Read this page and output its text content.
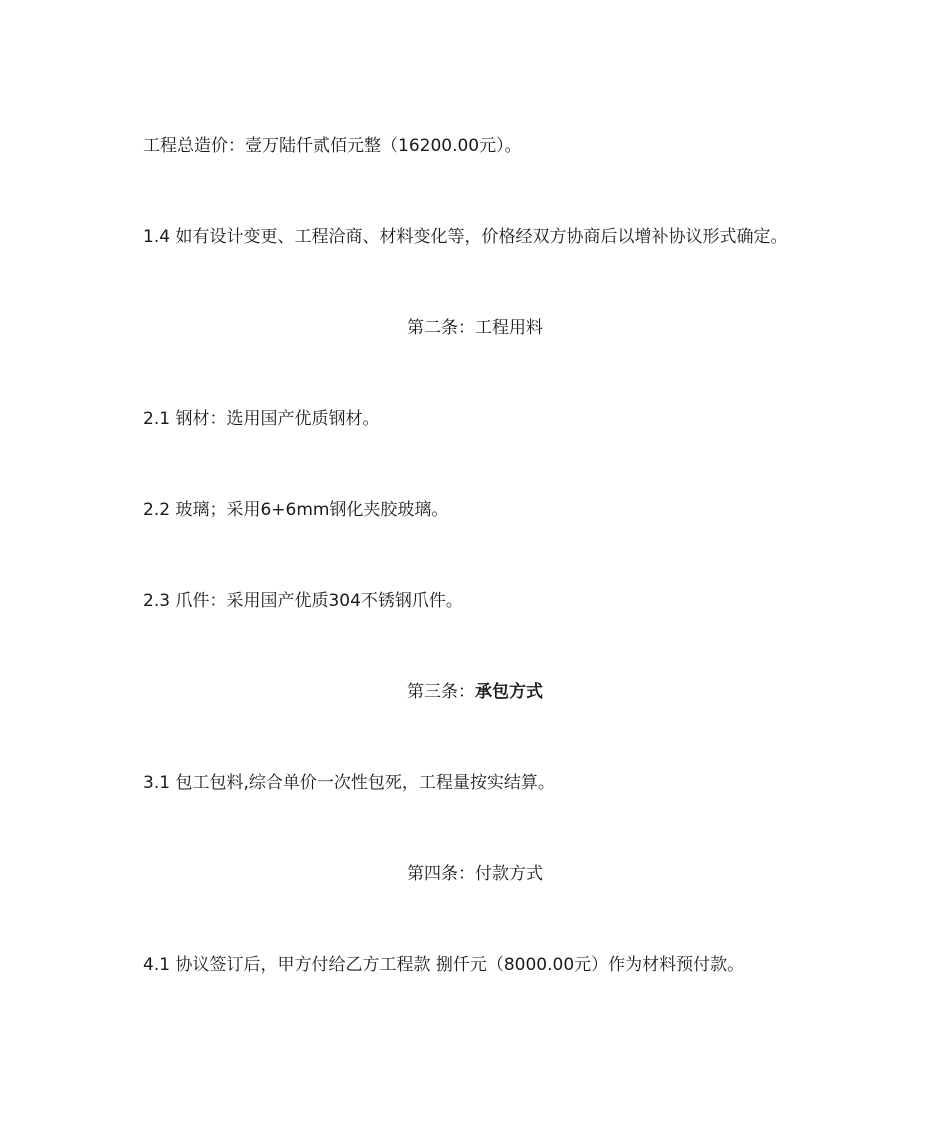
工程总造价：壹万陆仟贰佰元整（16200.00元）。
1.4 如有设计变更、工程洽商、材料变化等，价格经双方协商后以增补协议形式确定。
第二条：工程用料
2.1 钢材：选用国产优质钢材。
2.2 玻璃；采用6+6mm钢化夹胶玻璃。
2.3 爪件：采用国产优质304不锈钢爪件。
第三条：承包方式
3.1 包工包料,综合单价一次性包死，工程量按实结算。
第四条：付款方式
4.1 协议签订后，甲方付给乙方工程款 捌仟元（8000.00元）作为材料预付款。
